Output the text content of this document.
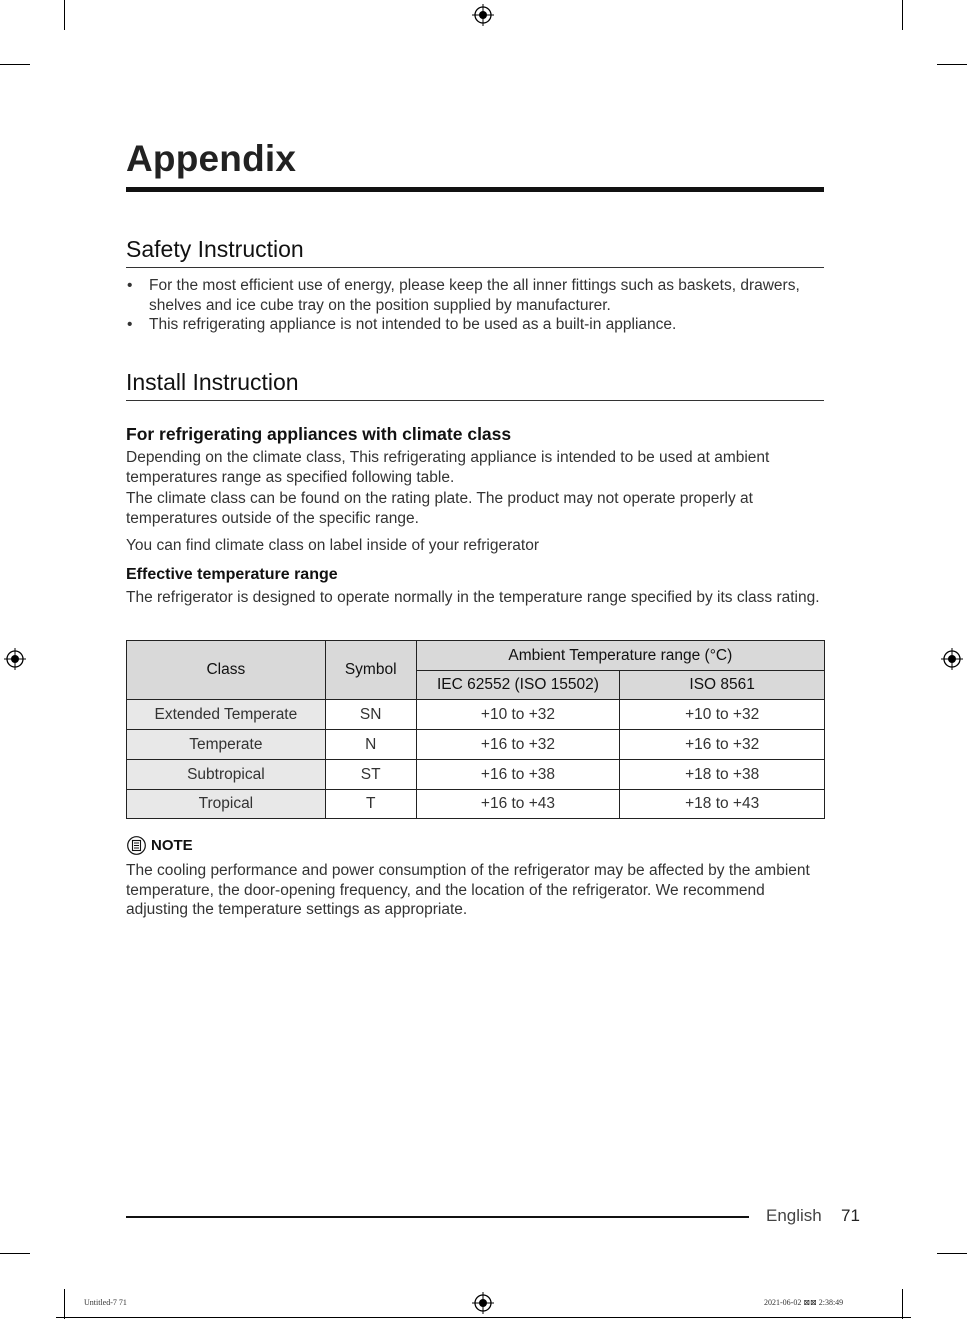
Appendix
Safety Instruction
• For the most efficient use of energy, please keep the all inner fittings such as baskets, drawers, shelves and ice cube tray on the position supplied by manufacturer.
• This refrigerating appliance is not intended to be used as a built-in appliance.
Install Instruction
For refrigerating appliances with climate class

Depending on the climate class, This refrigerating appliance is intended to be used at ambient temperatures range as specified following table.

The climate class can be found on the rating plate. The product may not operate properly at temperatures outside of the specific range.

You can find climate class on label inside of your refrigerator

Effective temperature range

The refrigerator is designed to operate normally in the temperature range specified by its class rating.

Class	Symbol	Ambient Temperature range (°C)	
		IEC 62552 (ISO 15502)	ISO 8561
Extended Temperate	SN	+10 to +32	+10 to +32
Temperate	N	+16 to +32	+16 to +32
Subtropical	ST	+16 to +38	+18 to +38
Tropical	T	+16 to +43	+18 to +43
NOTE

The cooling performance and power consumption of the refrigerator may be affected by the ambient temperature, the door-opening frequency, and the location of the refrigerator. We recommend adjusting the temperature settings as appropriate.

English 71
Untitled-7 71	2021-06-02 ⊠⊠ 2:38:49
